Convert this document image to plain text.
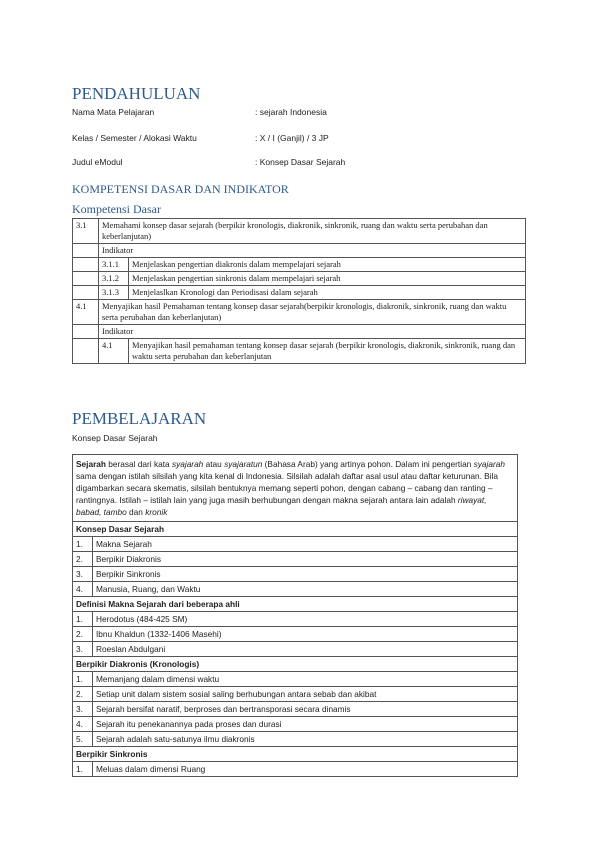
PENDAHULUAN
Nama Mata Pelajaran	: sejarah Indonesia
Kelas / Semester / Alokasi Waktu	: X / I (Ganjil) / 3 JP
Judul eModul	: Konsep Dasar Sejarah
KOMPETENSI DASAR DAN INDIKATOR
Kompetensi Dasar
3.1	Memahami konsep dasar sejarah (berpikir kronologis, diakronik, sinkronik, ruang dan waktu serta perubahan dan keberlanjutan)	
	Indikator	
	3.1.1	Menjelaskan pengertian diakronis dalam mempelajari sejarah
	3.1.2	Menjelaskan pengertian sinkronis dalam mempelajari sejarah
	3.1.3	Menjelaslkan Kronologi dan Periodisasi dalam sejarah
4.1	Menyajikan hasil Pemahaman tentang konsep dasar sejarah(berpikir kronologis, diakronik, sinkronik, ruang dan waktu serta perubahan dan keberlanjutan)	
	Indikator	
	4.1	Menyajikan hasil pemahaman tentang konsep dasar sejarah (berpikir kronologis, diakronik, sinkronik, ruang dan waktu serta perubahan dan keberlanjutan
PEMBELAJARAN
Konsep Dasar Sejarah
Sejarah berasal dari kata syajarah atau syajaratun (Bahasa Arab) yang artinya pohon. Dalam ini pengertian syajarah sama dengan istilah silsilah yang kita kenal di Indonesia. Silsilah adalah daftar asal usul atau daftar keturunan. Bila digambarkan secara skematis, silsilah bentuknya memang seperti pohon, dengan cabang – cabang dan ranting – rantingnya. Istilah – istilah lain yang juga masih berhubungan dengan makna sejarah antara lain adalah riwayat, babad, tambo dan kronik	
Konsep Dasar Sejarah	
1.	Makna Sejarah
2.	Berpikir Diakronis
3.	Berpikir Sinkronis
4.	Manusia, Ruang, dan Waktu
Definisi Makna Sejarah dari beberapa ahli	
1.	Herodotus (484-425 SM)
2.	Ibnu Khaldun (1332-1406 Masehi)
3.	Roeslan Abdulgani
Berpikir Diakronis (Kronologis)	
1.	Memanjang dalam dimensi waktu
2.	Setiap unit dalam sistem sosial saling berhubungan antara sebab dan akibat
3.	Sejarah bersifat naratif, berproses dan bertransporasi secara dinamis
4.	Sejarah itu penekanannya pada proses dan durasi
5.	Sejarah adalah satu-satunya ilmu diakronis
Berpikir Sinkronis	
1.	Meluas dalam dimensi Ruang
